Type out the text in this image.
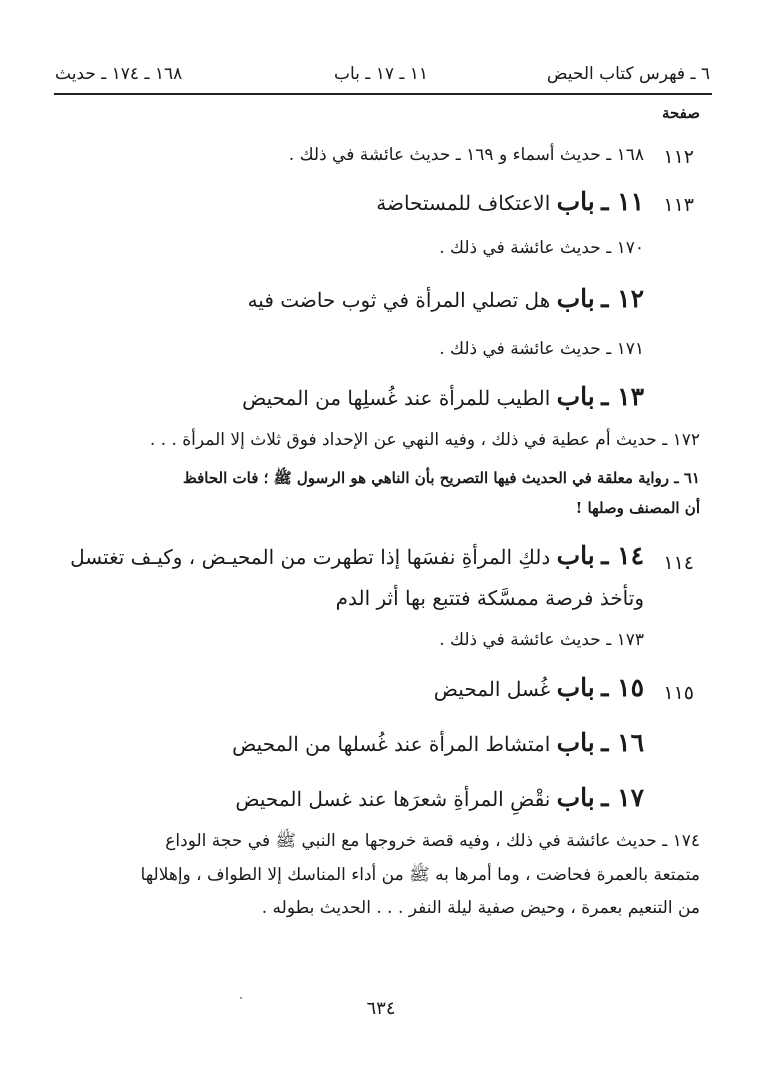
٦ ـ فهرس كتاب الحيض
١١ ـ ١٧ ـ باب
١٦٨ ـ ١٧٤ ـ حديث
صفحة
١١٢
١٦٨ ـ حديث أسماء و ١٦٩ ـ حديث عائشة في ذلك .
١١٣
١١ ـ باب الاعتكاف للمستحاضة
١٧٠ ـ حديث عائشة في ذلك .
١٢ ـ باب هل تصلي المرأة في ثوب حاضت فيه
١٧١ ـ حديث عائشة في ذلك .
١٣ ـ باب الطيب للمرأة عند غُسلِها من المحيض
١٧٢ ـ حديث أم عطية في ذلك ، وفيه النهي عن الإحداد فوق ثلاث إلا المرأة . . .
٦١ ـ رواية معلقة في الحديث فيها التصريح بأن الناهي هو الرسول ﷺ ؛ فات الحافظ
أن المصنف وصلها !
١١٤
١٤ ـ باب دلكِ المرأةِ نفسَها إذا تطهرت من المحيـض ، وكيـف تغتسل
وتأخذ فرصة ممسَّكة فتتبع بها أثر الدم
١٧٣ ـ حديث عائشة في ذلك .
١١٥
١٥ ـ باب غُسل المحيض
١٦ ـ باب امتشاط المرأة عند غُسلها من المحيض
١٧ ـ باب نقْضِ المرأةِ شعرَها عند غسل المحيض
١٧٤ ـ حديث عائشة في ذلك ، وفيه قصة خروجها مع النبي ﷺ في حجة الوداع
متمتعة بالعمرة فحاضت ، وما أمرها به ﷺ من أداء المناسك إلا الطواف ، وإهلالها
من التنعيم بعمرة ، وحيض صفية ليلة النفر . . . الحديث بطوله .
٦٣٤
